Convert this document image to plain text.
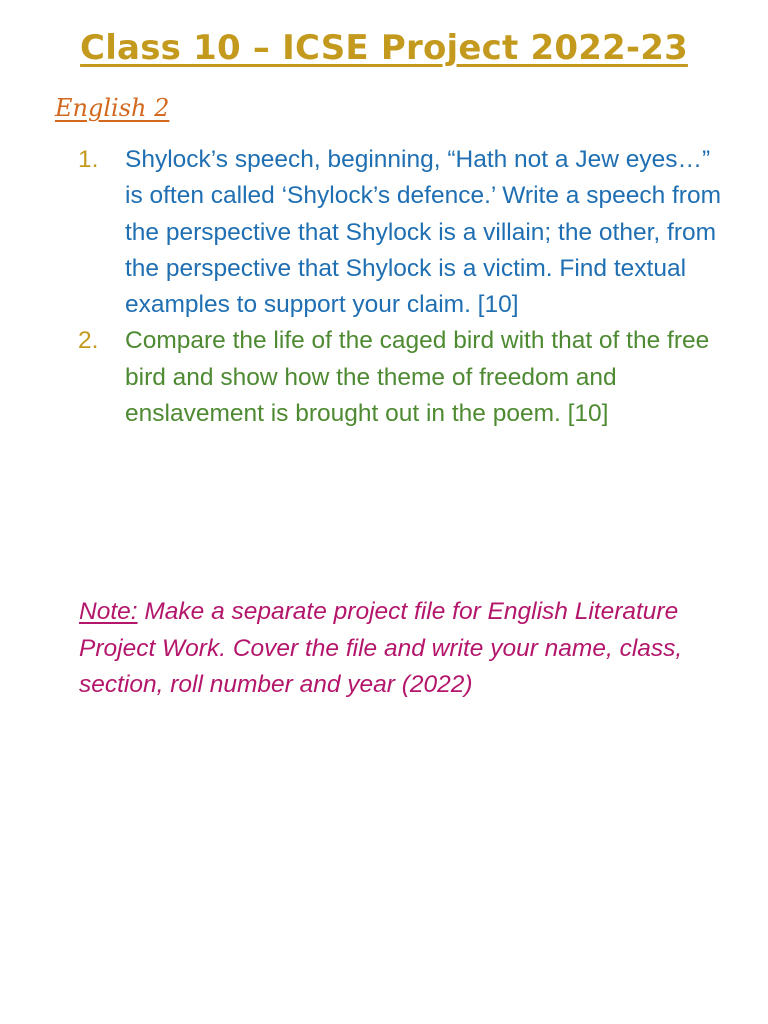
Class 10 – ICSE Project 2022-23
English 2
1. Shylock’s speech, beginning, “Hath not a Jew eyes…” is often called ‘Shylock’s defence.’ Write a speech from the perspective that Shylock is a villain; the other, from the perspective that Shylock is a victim. Find textual examples to support your claim. [10]
2. Compare the life of the caged bird with that of the free bird and show how the theme of freedom and enslavement is brought out in the poem. [10]
Note: Make a separate project file for English Literature Project Work. Cover the file and write your name, class, section, roll number and year (2022)
